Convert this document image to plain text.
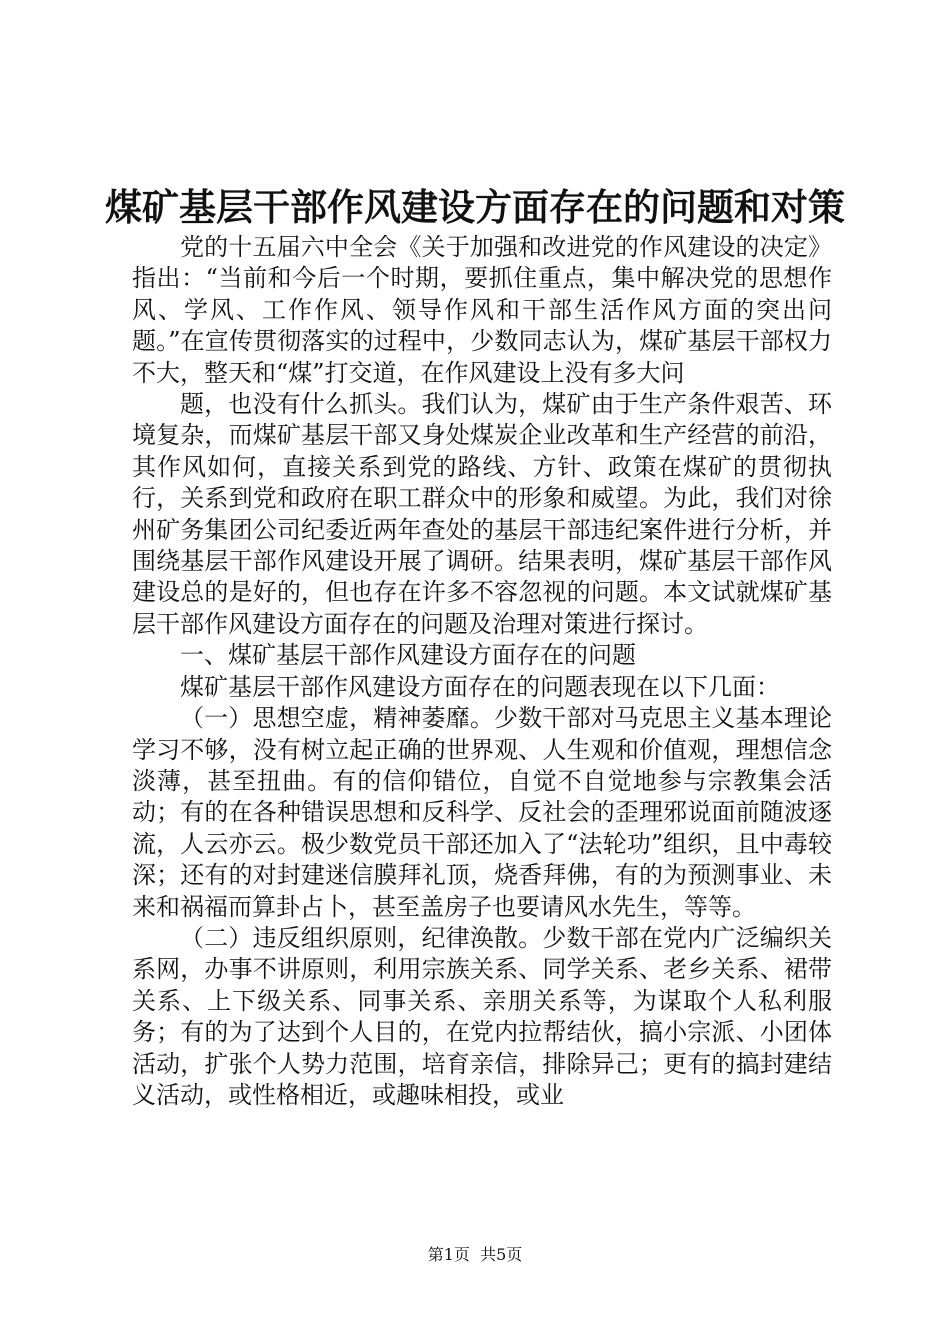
煤矿基层干部作风建设方面存在的问题和对策

党的十五届六中全会《关于加强和改进党的作风建设的决定》指出：“当前和今后一个时期，要抓住重点，集中解决党的思想作风、学风、工作作风、领导作风和干部生活作风方面的突出问题。”在宣传贯彻落实的过程中，少数同志认为，煤矿基层干部权力不大，整天和“煤”打交道，在作风建设上没有多大问

题，也没有什么抓头。我们认为，煤矿由于生产条件艰苦、环境复杂，而煤矿基层干部又身处煤炭企业改革和生产经营的前沿，其作风如何，直接关系到党的路线、方针、政策在煤矿的贯彻执行，关系到党和政府在职工群众中的形象和威望。为此，我们对徐州矿务集团公司纪委近两年查处的基层干部违纪案件进行分析，并围绕基层干部作风建设开展了调研。结果表明，煤矿基层干部作风建设总的是好的，但也存在许多不容忽视的问题。本文试就煤矿基层干部作风建设方面存在的问题及治理对策进行探讨。

一、煤矿基层干部作风建设方面存在的问题

煤矿基层干部作风建设方面存在的问题表现在以下几面：

（一）思想空虚，精神萎靡。少数干部对马克思主义基本理论学习不够，没有树立起正确的世界观、人生观和价值观，理想信念淡薄，甚至扭曲。有的信仰错位，自觉不自觉地参与宗教集会活动；有的在各种错误思想和反科学、反社会的歪理邪说面前随波逐流，人云亦云。极少数党员干部还加入了“法轮功”组织，且中毒较深；还有的对封建迷信膜拜礼顶，烧香拜佛，有的为预测事业、未来和祸福而算卦占卜，甚至盖房子也要请风水先生，等等。

（二）违反组织原则，纪律涣散。少数干部在党内广泛编织关系网，办事不讲原则，利用宗族关系、同学关系、老乡关系、裙带关系、上下级关系、同事关系、亲朋关系等，为谋取个人私利服务；有的为了达到个人目的，在党内拉帮结伙，搞小宗派、小团体活动，扩张个人势力范围，培育亲信，排除异己；更有的搞封建结义活动，或性格相近，或趣味相投，或业

第1页 共5页
